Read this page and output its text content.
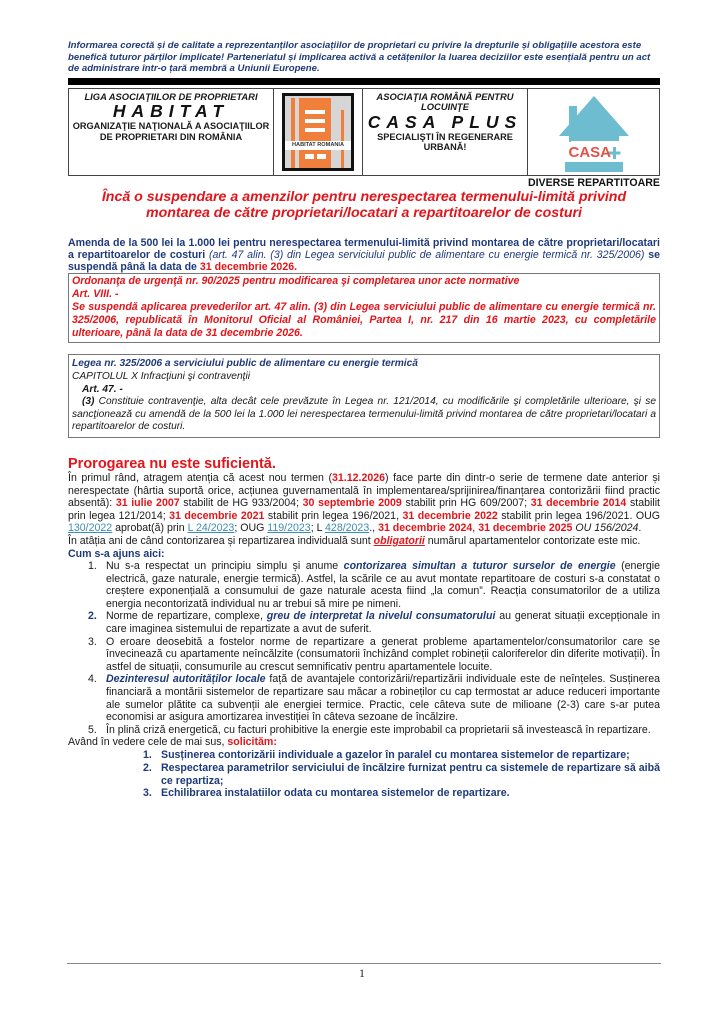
Informarea corectă și de calitate a reprezentanților asociațiilor de proprietari cu privire la drepturile și obligațiile acestora este benefică tuturor părților implicate! Parteneriatul și implicarea activă a cetățenilor la luarea deciziilor este esențială pentru un act de administrare într-o țară membră a Uniunii Europene.

LIGA ASOCIAŢIILOR DE PROPRIETARI
HABITAT
ORGANIZAŢIE NAŢIONALĂ A ASOCIAŢIILOR DE PROPRIETARI DIN ROMÂNIA
HABITAT ROMANIA
ASOCIAŢIA ROMÂNĂ PENTRU LOCUINŢE
CASA PLUS
SPECIALIŞTI ÎN REGENERARE URBANĂ!	CASA
DIVERSE REPARTITOARE
Încă o suspendare a amenzilor pentru nerespectarea termenului-limită privind montarea de către proprietari/locatari a repartitoarelor de costuri
Amenda de la 500 lei la 1.000 lei pentru nerespectarea termenului-limită privind montarea de către proprietari/locatari a repartitoarelor de costuri (art. 47 alin. (3) din Legea serviciului public de alimentare cu energie termică nr. 325/2006) se suspendă până la data de 31 decembrie 2026.
Ordonanţa de urgenţă nr. 90/2025 pentru modificarea şi completarea unor acte normative
Art. VIII. -
Se suspendă aplicarea prevederilor art. 47 alin. (3) din Legea serviciului public de alimentare cu energie termică nr. 325/2006, republicată în Monitorul Oficial al României, Partea I, nr. 217 din 16 martie 2023, cu completările ulterioare, până la data de 31 decembrie 2026.
Legea nr. 325/2006 a serviciului public de alimentare cu energie termică
CAPITOLUL X Infracţiuni şi contravenţii
Art. 47. -
(3) Constituie contravenţie, alta decât cele prevăzute în Legea nr. 121/2014, cu modificările şi completările ulterioare, şi se sancţionează cu amendă de la 500 lei la 1.000 lei nerespectarea termenului-limită privind montarea de către proprietari/locatari a repartitoarelor de costuri.
Prorogarea nu este suficientă.
În primul rând, atragem atenția că acest nou termen (31.12.2026) face parte din dintr-o serie de termene date anterior și nerespectate (hârtia suportă orice, acțiunea guvernamentală în implementarea/sprijinirea/finanțarea contorizării fiind practic absentă): 31 iulie 2007 stabilit de HG 933/2004; 30 septembrie 2009 stabilit prin HG 609/2007; 31 decembrie 2014 stabilit prin legea 121/2014; 31 decembrie 2021 stabilit prin legea 196/2021, 31 decembrie 2022 stabilit prin legea 196/2021. OUG 130/2022 aprobat(ă) prin L 24/2023; OUG 119/2023; L 428/2023., 31 decembrie 2024, 31 decembrie 2025 OU 156/2024.
În atâția ani de când contorizarea și repartizarea individuală sunt obligatorii numărul apartamentelor contorizate este mic.
Cum s-a ajuns aici:
1. Nu s-a respectat un principiu simplu și anume contorizarea simultan a tuturor surselor de energie (energie electrică, gaze naturale, energie termică). Astfel, la scările ce au avut montate repartitoare de costuri s-a constatat o creștere exponențială a consumului de gaze naturale acesta fiind „la comun”. Reacția consumatorilor de a utiliza energia necontorizată individual nu ar trebui să mire pe nimeni.
2. Norme de repartizare, complexe, greu de interpretat la nivelul consumatorului au generat situații excepționale in care imaginea sistemului de repartizate a avut de suferit.
3. O eroare deosebită a fostelor norme de repartizare a generat probleme apartamentelor/consumatorilor care se învecinează cu apartamente neîncălzite (consumatorii închizând complet robineții caloriferelor din diferite motivații). În astfel de situații, consumurile au crescut semnificativ pentru apartamentele locuite.
4. Dezinteresul autorităților locale față de avantajele contorizării/repartizării individuale este de neînțeles. Susținerea financiară a montării sistemelor de repartizare sau măcar a robineților cu cap termostat ar aduce reduceri importante ale sumelor plătite ca subvenții ale energiei termice. Practic, cele câteva sute de milioane (2-3) care s-ar putea economisi ar asigura amortizarea investiției în câteva sezoane de încălzire.
5. În plină criză energetică, cu facturi prohibitive la energie este improbabil ca proprietarii să investească în repartizare.
Având în vedere cele de mai sus, solicităm:
1. Susținerea contorizării individuale a gazelor în paralel cu montarea sistemelor de repartizare;
2. Respectarea parametrilor serviciului de încălzire furnizat pentru ca sistemele de repartizare să aibă ce repartiza;
3. Echilibrarea instalatiilor odata cu montarea sistemelor de repartizare.
1
